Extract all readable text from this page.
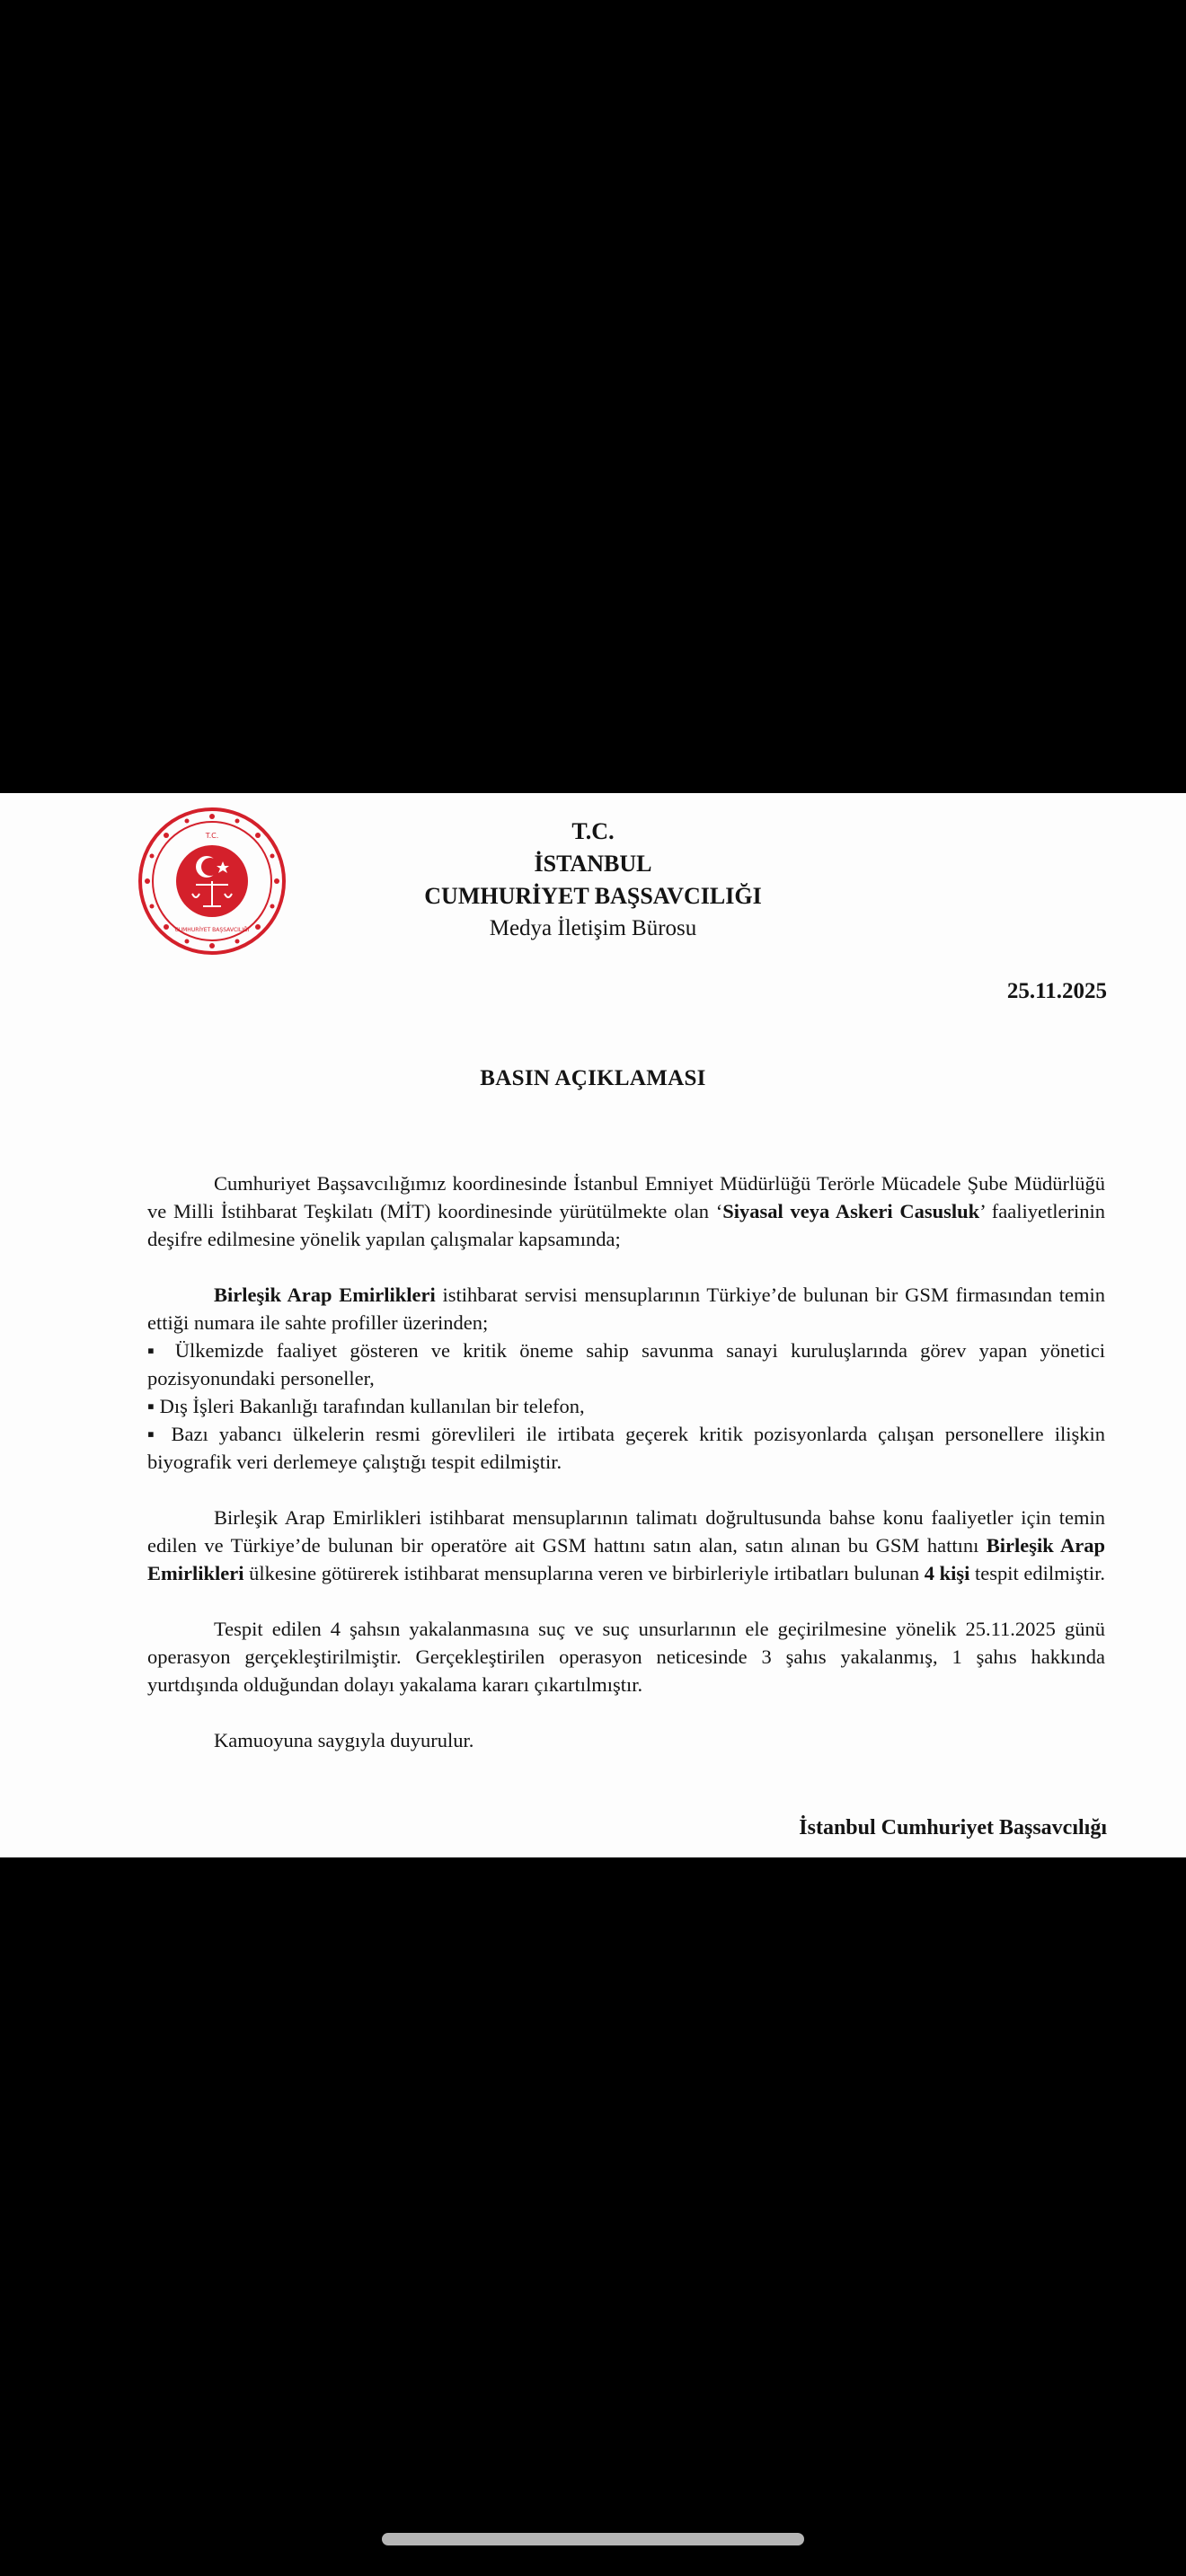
T.C.
CUMHURİYET BAŞSAVCILIĞI
T.C.
İSTANBUL
CUMHURİYET BAŞSAVCILIĞI
Medya İletişim Bürosu
25.11.2025
BASIN AÇIKLAMASI

Cumhuriyet Başsavcılığımız koordinesinde İstanbul Emniyet Müdürlüğü Terörle Mücadele Şube Müdürlüğü ve Milli İstihbarat Teşkilatı (MİT) koordinesinde yürütülmekte olan ‘Siyasal veya Askeri Casusluk’ faaliyetlerinin deşifre edilmesine yönelik yapılan çalışmalar kapsamında;

Birleşik Arap Emirlikleri istihbarat servisi mensuplarının Türkiye’de bulunan bir GSM firmasından temin ettiği numara ile sahte profiller üzerinden;

▪ Ülkemizde faaliyet gösteren ve kritik öneme sahip savunma sanayi kuruluşlarında görev yapan yönetici pozisyonundaki personeller,

▪ Dış İşleri Bakanlığı tarafından kullanılan bir telefon,

▪ Bazı yabancı ülkelerin resmi görevlileri ile irtibata geçerek kritik pozisyonlarda çalışan personellere ilişkin biyografik veri derlemeye çalıştığı tespit edilmiştir.

Birleşik Arap Emirlikleri istihbarat mensuplarının talimatı doğrultusunda bahse konu faaliyetler için temin edilen ve Türkiye’de bulunan bir operatöre ait GSM hattını satın alan, satın alınan bu GSM hattını Birleşik Arap Emirlikleri ülkesine götürerek istihbarat mensuplarına veren ve birbirleriyle irtibatları bulunan 4 kişi tespit edilmiştir.

Tespit edilen 4 şahsın yakalanmasına suç ve suç unsurlarının ele geçirilmesine yönelik 25.11.2025 günü operasyon gerçekleştirilmiştir. Gerçekleştirilen operasyon neticesinde 3 şahıs yakalanmış, 1 şahıs hakkında yurtdışında olduğundan dolayı yakalama kararı çıkartılmıştır.

Kamuoyuna saygıyla duyurulur.

İstanbul Cumhuriyet Başsavcılığı
